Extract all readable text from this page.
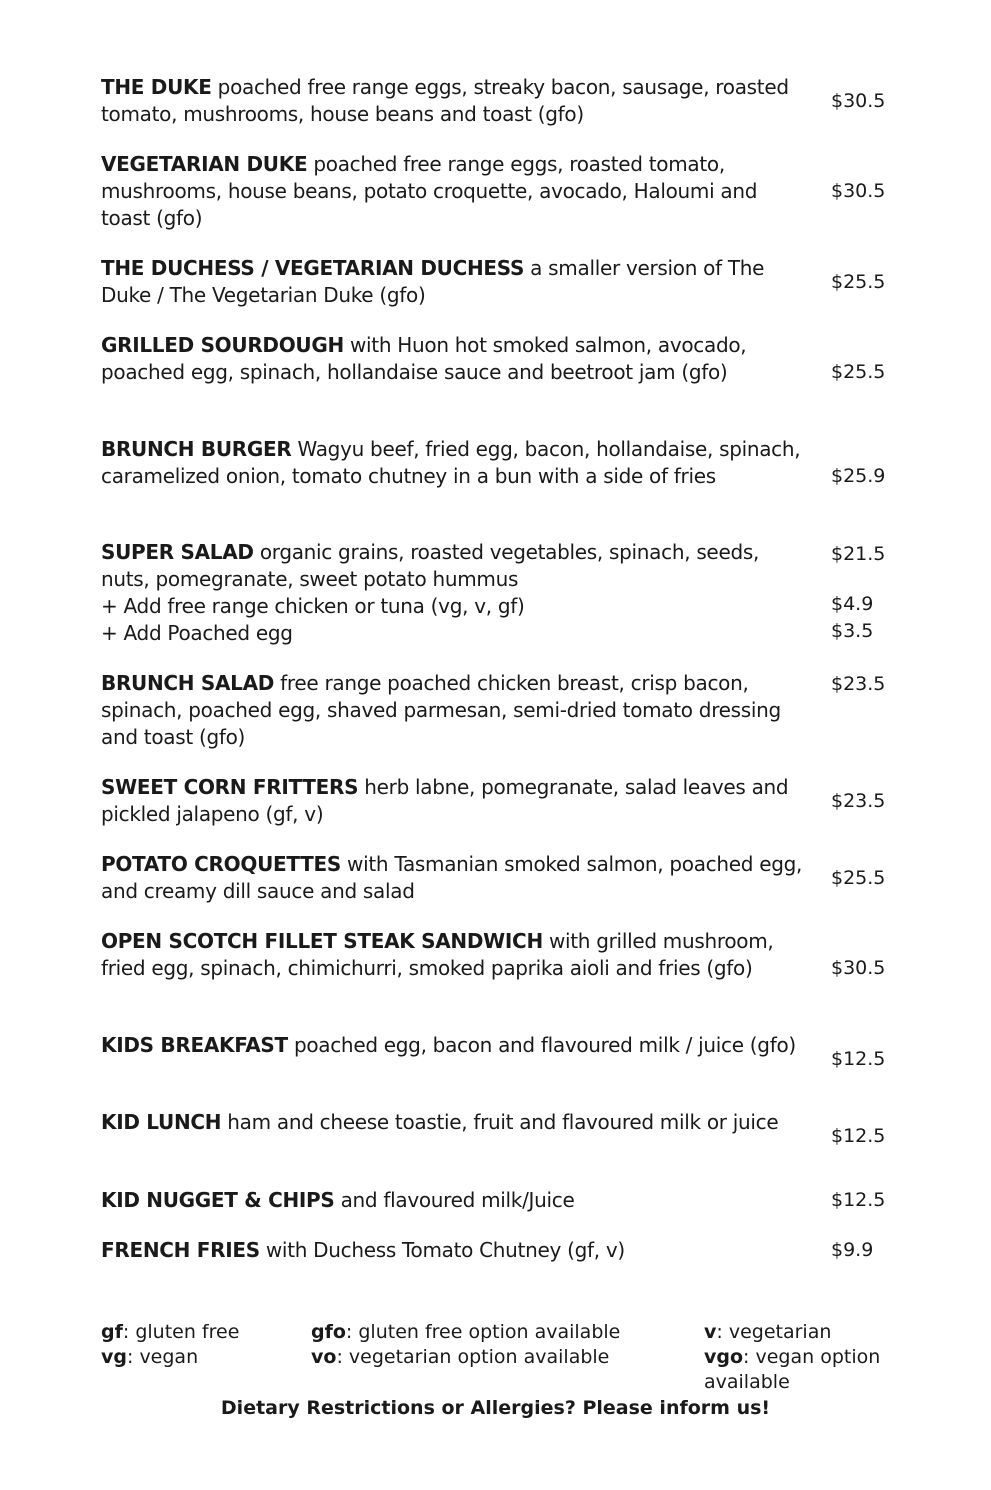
THE DUKE poached free range eggs, streaky bacon, sausage, roasted tomato, mushrooms, house beans and toast (gfo)
$30.5
VEGETARIAN DUKE poached free range eggs, roasted tomato, mushrooms, house beans, potato croquette, avocado, Haloumi and toast (gfo)
$30.5
THE DUCHESS / VEGETARIAN DUCHESS a smaller version of The Duke / The Vegetarian Duke (gfo)
$25.5
GRILLED SOURDOUGH with Huon hot smoked salmon, avocado, poached egg, spinach, hollandaise sauce and beetroot jam (gfo)	$25.5
BRUNCH BURGER Wagyu beef, fried egg, bacon, hollandaise, spinach, caramelized onion, tomato chutney in a bun with a side of fries	$25.9
SUPER SALAD organic grains, roasted vegetables, spinach, seeds, nuts, pomegranate, sweet potato hummus
$21.5
+ Add free range chicken or tuna (vg, v, gf)	$4.9
+ Add Poached egg	$3.5
BRUNCH SALAD free range poached chicken breast, crisp bacon, spinach, poached egg, shaved parmesan, semi-dried tomato dressing and toast (gfo)
$23.5
SWEET CORN FRITTERS herb labne, pomegranate, salad leaves and pickled jalapeno (gf, v)
$23.5
POTATO CROQUETTES with Tasmanian smoked salmon, poached egg, and creamy dill sauce and salad
$25.5
OPEN SCOTCH FILLET STEAK SANDWICH with grilled mushroom, fried egg, spinach, chimichurri, smoked paprika aioli and fries (gfo)	$30.5
KIDS BREAKFAST poached egg, bacon and flavoured milk / juice (gfo)
$12.5
KID LUNCH ham and cheese toastie, fruit and flavoured milk or juice
$12.5
KID NUGGET & CHIPS and flavoured milk/Juice	$12.5
FRENCH FRIES with Duchess Tomato Chutney (gf, v)	$9.9
gf: gluten free	gfo: gluten free option available	v: vegetarian
vg: vegan	vo: vegetarian option available	vgo: vegan option available
Dietary Restrictions or Allergies? Please inform us!
